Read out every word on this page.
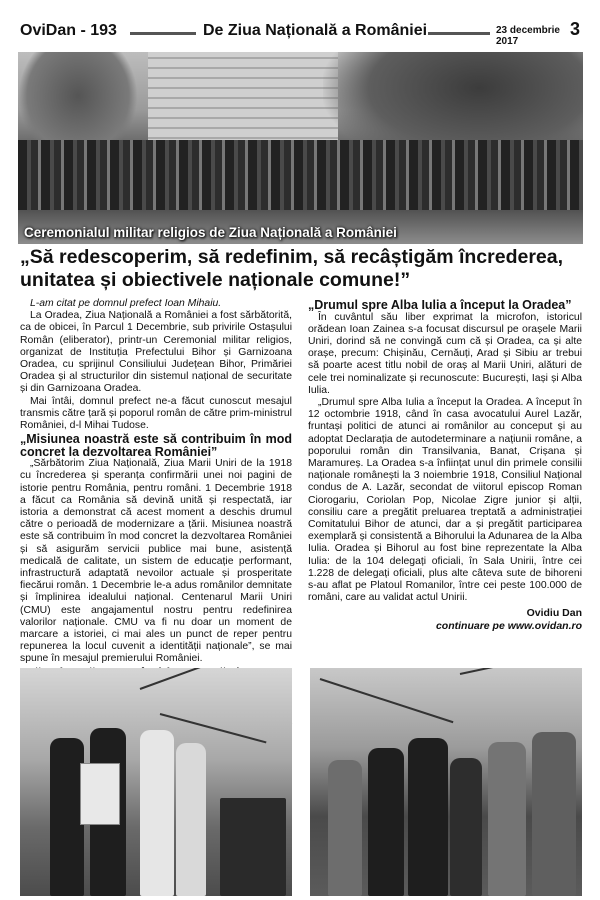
OviDan - 193	De Ziua Națională a României	23 decembrie 2017
3
Ceremonialul militar religios de Ziua Națională a României
„Să redescoperim, să redefinim, să recâștigăm încrederea, unitatea și obiectivele naționale comune!”

L-am citat pe domnul prefect Ioan Mihaiu.

La Oradea, Ziua Națională a României a fost sărbătorită, ca de obicei, în Parcul 1 Decembrie, sub privirile Ostașului Român (eliberator), printr-un Ceremonial militar religios, organizat de Instituția Prefectului Bihor și Garnizoana Oradea, cu sprijinul Consiliului Județean Bihor, Primăriei Oradea și al structurilor din sistemul național de securitate și din Garnizoana Oradea.

Mai întâi, domnul prefect ne-a făcut cunoscut mesajul transmis către țară și poporul român de către prim-ministrul României, d-l Mihai Tudose.

„Misiunea noastră este să contribuim în mod concret la dezvoltarea României”

„Sărbătorim Ziua Națională, Ziua Marii Uniri de la 1918 cu încrederea și speranța confirmării unei noi pagini de istorie pentru România, pentru români. 1 Decembrie 1918 a făcut ca România să devină unită și respectată, iar istoria a demonstrat că acest moment a deschis drumul către o perioadă de modernizare a țării. Misiunea noastră este să contribuim în mod concret la dezvoltarea României și să asigurăm servicii publice mai bune, asistență medicală de calitate, un sistem de educație performant, infrastructură adaptată nevoilor actuale și prosperitate fiecărui român. 1 Decembrie le-a adus românilor demnitate și împlinirea idealului național. Centenarul Marii Uniri (CMU) este angajamentul nostru pentru redefinirea valorilor naționale. CMU va fi nu doar un moment de marcare a istoriei, ci mai ales un punct de reper pentru repunerea la locul cuvenit a identității naționale”, se mai spune în mesajul premierului României.

„Drumul spre Alba Iulia a început la Oradea”

În cuvântul său liber exprimat la microfon, istoricul orădean Ioan Zainea s-a focusat discursul pe orașele Marii Uniri, dorind să ne convingă cum că și Oradea, ca și alte orașe, precum: Chișinău, Cernăuți, Arad și Sibiu ar trebui să poarte acest titlu nobil de oraș al Marii Uniri, alături de cele trei nominalizate și recunoscute: București, Iași și Alba Iulia.

„Drumul spre Alba Iulia a început la Oradea. A început în 12 octombrie 1918, când în casa avocatului Aurel Lazăr, fruntași politici de atunci ai românilor au conceput și au adoptat Declarația de autodeterminare a națiunii române, a poporului român din Transilvania, Banat, Crișana și Maramureș. La Oradea s-a înființat unul din primele consilii naționale românești la 3 noiembrie 1918, Consiliul Național condus de A. Lazăr, secondat de viitorul episcop Roman Ciorogariu, Coriolan Pop, Nicolae Zigre junior și alții, consiliu care a pregătit preluarea treptată a administrației Comitatului Bihor de atunci, dar a și pregătit participarea exemplară și consistentă a Bihorului la Adunarea de la Alba Iulia. Oradea și Bihorul au fost bine reprezentate la Alba Iulia: de la 104 delegați oficiali, în Sala Unirii, între cei 1.228 de delegați oficiali, plus alte câteva sute de bihoreni s-au aflat pe Platoul Romanilor, între cei peste 100.000 de români, care au validat actul Unirii.

Ovidiu Dan
continuare pe www.ovidan.ro
